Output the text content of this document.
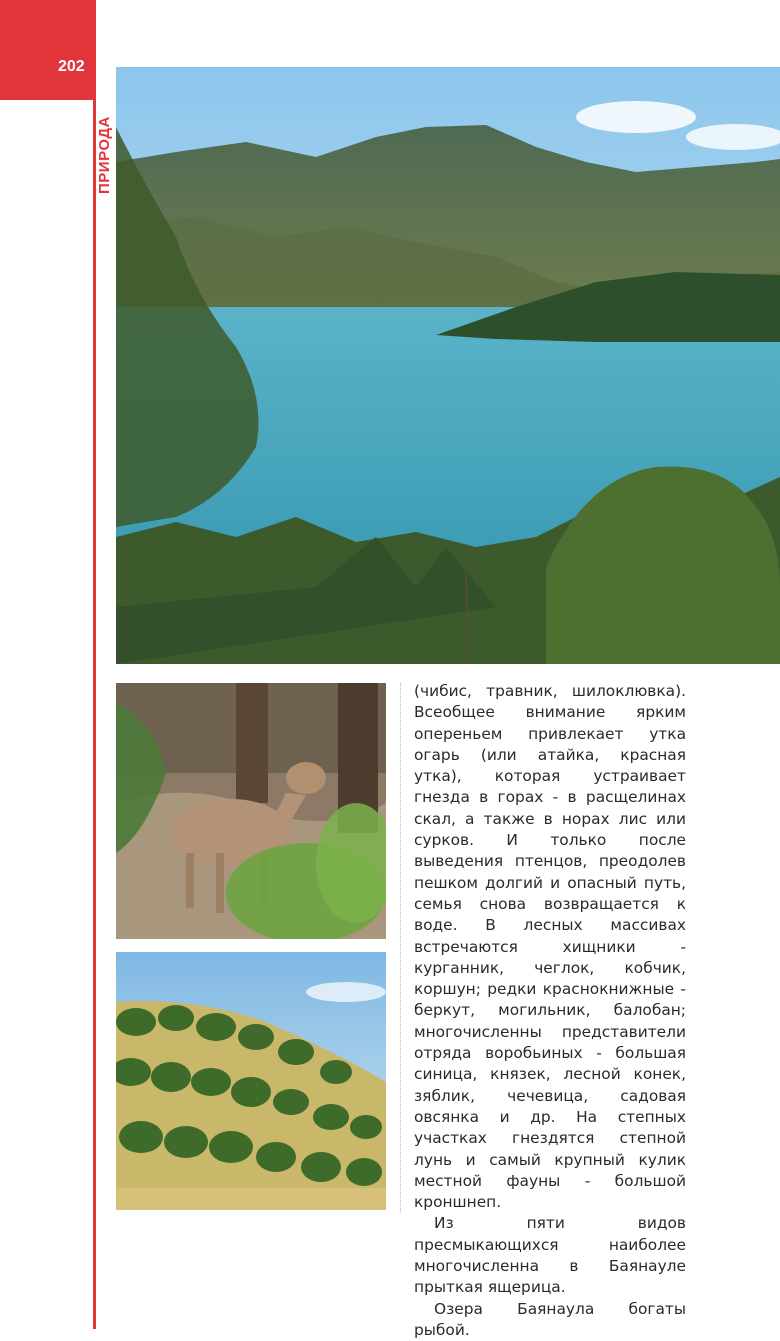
202
ПРИРОДА

(чибис, травник, шилоклювка). Всеобщее внимание ярким опереньем привлекает утка огарь (или атайка, красная утка), которая устраивает гнезда в горах - в расщелинах скал, а также в норах лис или сурков. И только после выведения птенцов, преодолев пешком долгий и опасный путь, семья снова возвращается к воде. В лесных массивах встречаются хищники - курганник, чеглок, кобчик, коршун; редки краснокнижные - беркут, могильник, балобан; многочисленны представители отряда воробьиных - большая синица, князек, лесной конек, зяблик, чечевица, садовая овсянка и др. На степных участках гнездятся степной лунь и самый крупный кулик местной фауны - большой кроншнеп.

Из пяти видов пресмыкающихся наиболее многочисленна в Баянауле прыткая ящерица.

Озера Баянаула богаты рыбой.
